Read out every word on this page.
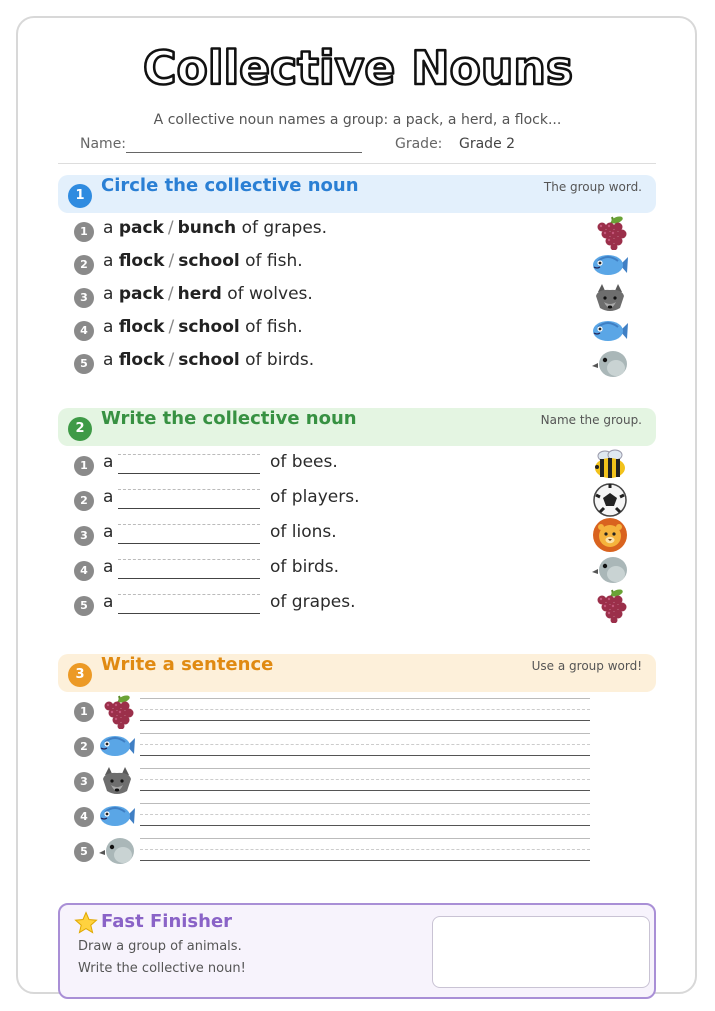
Collective Nouns
A collective noun names a group: a pack, a herd, a flock...
Name:	Grade: Grade 2
1 Circle the collective noun	The group word.
1 a pack / bunch of grapes.
2 a flock / school of fish.
3 a pack / herd of wolves.
4 a flock / school of fish.
5 a flock / school of birds.
2 Write the collective noun	Name the group.
1 a	of bees.
2 a	of players.
3 a	of lions.
4 a	of birds.
5 a	of grapes.
3 Write a sentence	Use a group word!
1
2
3
4
5
Fast Finisher
Draw a group of animals.
Write the collective noun!
